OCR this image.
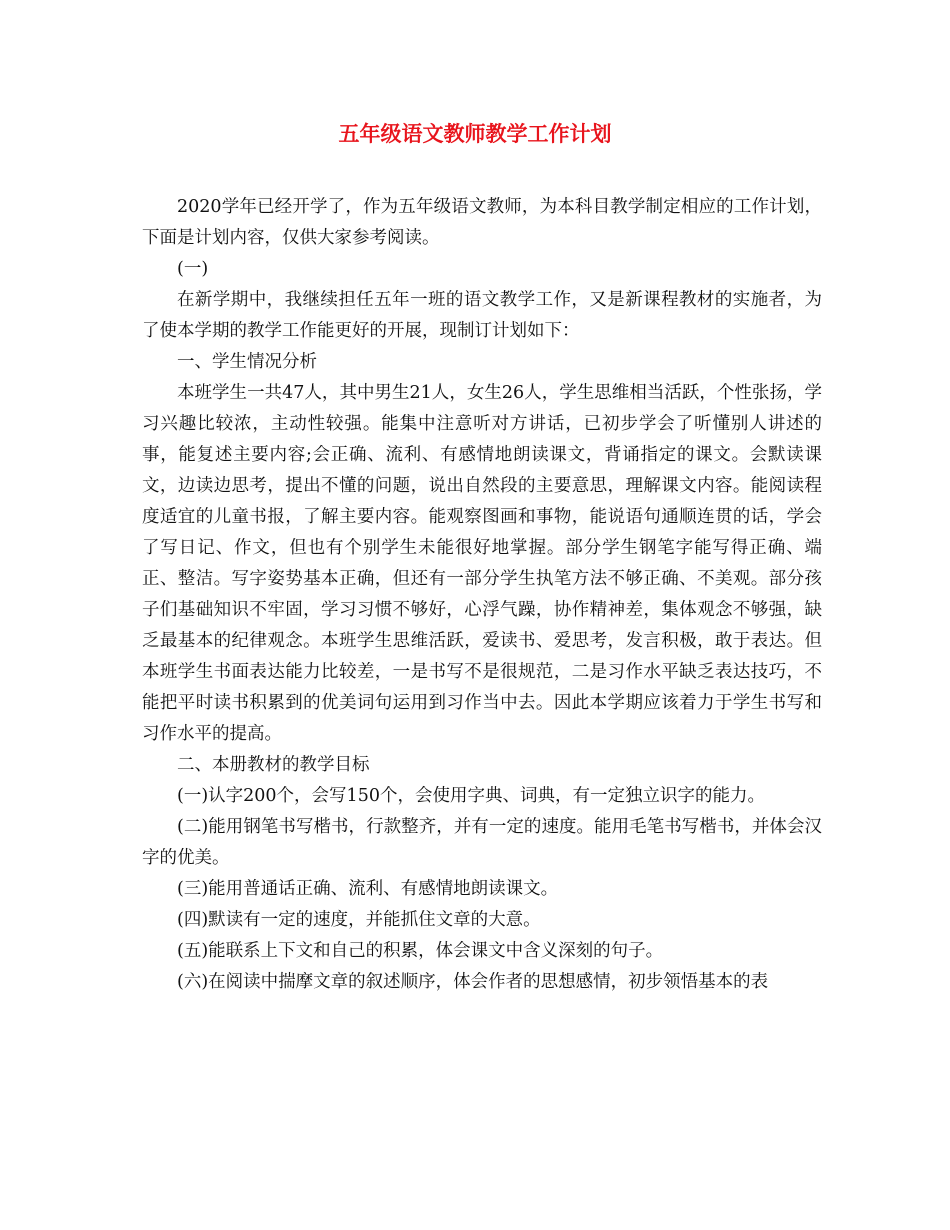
五年级语文教师教学工作计划

2020学年已经开学了，作为五年级语文教师，为本科目教学制定相应的工作计划，下面是计划内容，仅供大家参考阅读。

(一)

在新学期中，我继续担任五年一班的语文教学工作，又是新课程教材的实施者，为了使本学期的教学工作能更好的开展，现制订计划如下：

一、学生情况分析

本班学生一共47人，其中男生21人，女生26人，学生思维相当活跃，个性张扬，学习兴趣比较浓，主动性较强。能集中注意听对方讲话，已初步学会了听懂别人讲述的事，能复述主要内容;会正确、流利、有感情地朗读课文，背诵指定的课文。会默读课文，边读边思考，提出不懂的问题，说出自然段的主要意思，理解课文内容。能阅读程度适宜的儿童书报，了解主要内容。能观察图画和事物，能说语句通顺连贯的话，学会了写日记、作文，但也有个别学生未能很好地掌握。部分学生钢笔字能写得正确、端正、整洁。写字姿势基本正确，但还有一部分学生执笔方法不够正确、不美观。部分孩子们基础知识不牢固，学习习惯不够好，心浮气躁，协作精神差，集体观念不够强，缺乏最基本的纪律观念。本班学生思维活跃，爱读书、爱思考，发言积极，敢于表达。但本班学生书面表达能力比较差，一是书写不是很规范，二是习作水平缺乏表达技巧，不能把平时读书积累到的优美词句运用到习作当中去。因此本学期应该着力于学生书写和习作水平的提高。

二、本册教材的教学目标

(一)认字200个，会写150个，会使用字典、词典，有一定独立识字的能力。

(二)能用钢笔书写楷书，行款整齐，并有一定的速度。能用毛笔书写楷书，并体会汉字的优美。

(三)能用普通话正确、流利、有感情地朗读课文。

(四)默读有一定的速度，并能抓住文章的大意。

(五)能联系上下文和自己的积累，体会课文中含义深刻的句子。

(六)在阅读中揣摩文章的叙述顺序，体会作者的思想感情，初步领悟基本的表
